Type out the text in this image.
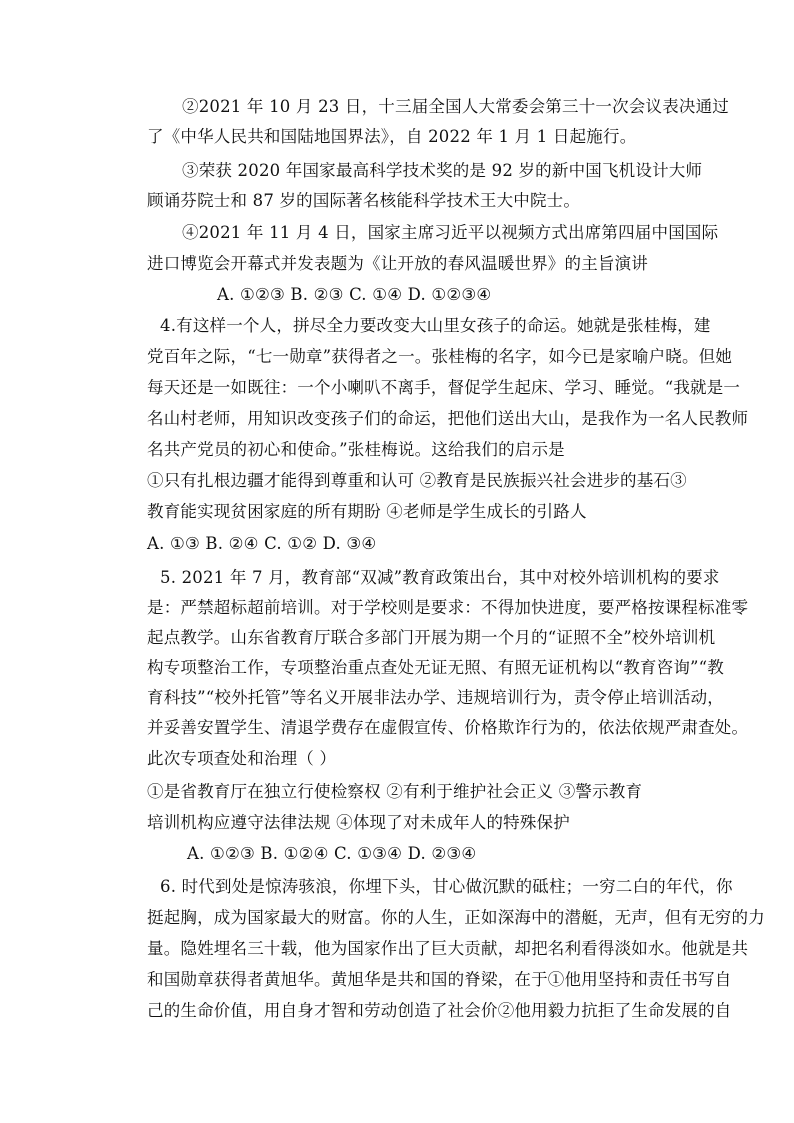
②2021 年 10 月 23 日，十三届全国人大常委会第三十一次会议表决通过
了《中华人民共和国陆地国界法》，自 2022 年 1 月 1 日起施行。
③荣获 2020 年国家最高科学技术奖的是 92 岁的新中国飞机设计大师
顾诵芬院士和 87 岁的国际著名核能科学技术王大中院士。
④2021 年 11 月 4 日，国家主席习近平以视频方式出席第四届中国国际
进口博览会开幕式并发表题为《让开放的春风温暖世界》的主旨演讲
A. ①②③ B. ②③ C. ①④ D. ①②③④
4.有这样一个人，拼尽全力要改变大山里女孩子的命运。她就是张桂梅，建
党百年之际，“七一勋章”获得者之一。张桂梅的名字，如今已是家喻户晓。但她
每天还是一如既往：一个小喇叭不离手，督促学生起床、学习、睡觉。“我就是一
名山村老师，用知识改变孩子们的命运，把他们送出大山，是我作为一名人民教师
名共产党员的初心和使命。”张桂梅说。这给我们的启示是
①只有扎根边疆才能得到尊重和认可 ②教育是民族振兴社会进步的基石③
教育能实现贫困家庭的所有期盼 ④老师是学生成长的引路人
A. ①③ B. ②④ C. ①② D. ③④
5. 2021 年 7 月，教育部“双减”教育政策出台，其中对校外培训机构的要求
是：严禁超标超前培训。对于学校则是要求：不得加快进度，要严格按课程标准零
起点教学。山东省教育厅联合多部门开展为期一个月的“证照不全”校外培训机
构专项整治工作，专项整治重点查处无证无照、有照无证机构以“教育咨询”“教
育科技”“校外托管”等名义开展非法办学、违规培训行为，责令停止培训活动，
并妥善安置学生、清退学费存在虚假宣传、价格欺诈行为的，依法依规严肃查处。
此次专项查处和治理（ ）
①是省教育厅在独立行使检察权 ②有利于维护社会正义 ③警示教育
培训机构应遵守法律法规 ④体现了对未成年人的特殊保护
A. ①②③ B. ①②④ C. ①③④ D. ②③④
6. 时代到处是惊涛骇浪，你埋下头，甘心做沉默的砥柱；一穷二白的年代，你
挺起胸，成为国家最大的财富。你的人生，正如深海中的潜艇，无声，但有无穷的力
量。隐姓埋名三十载，他为国家作出了巨大贡献，却把名利看得淡如水。他就是共
和国勋章获得者黄旭华。黄旭华是共和国的脊梁，在于①他用坚持和责任书写自
己的生命价值，用自身才智和劳动创造了社会价②他用毅力抗拒了生命发展的自
